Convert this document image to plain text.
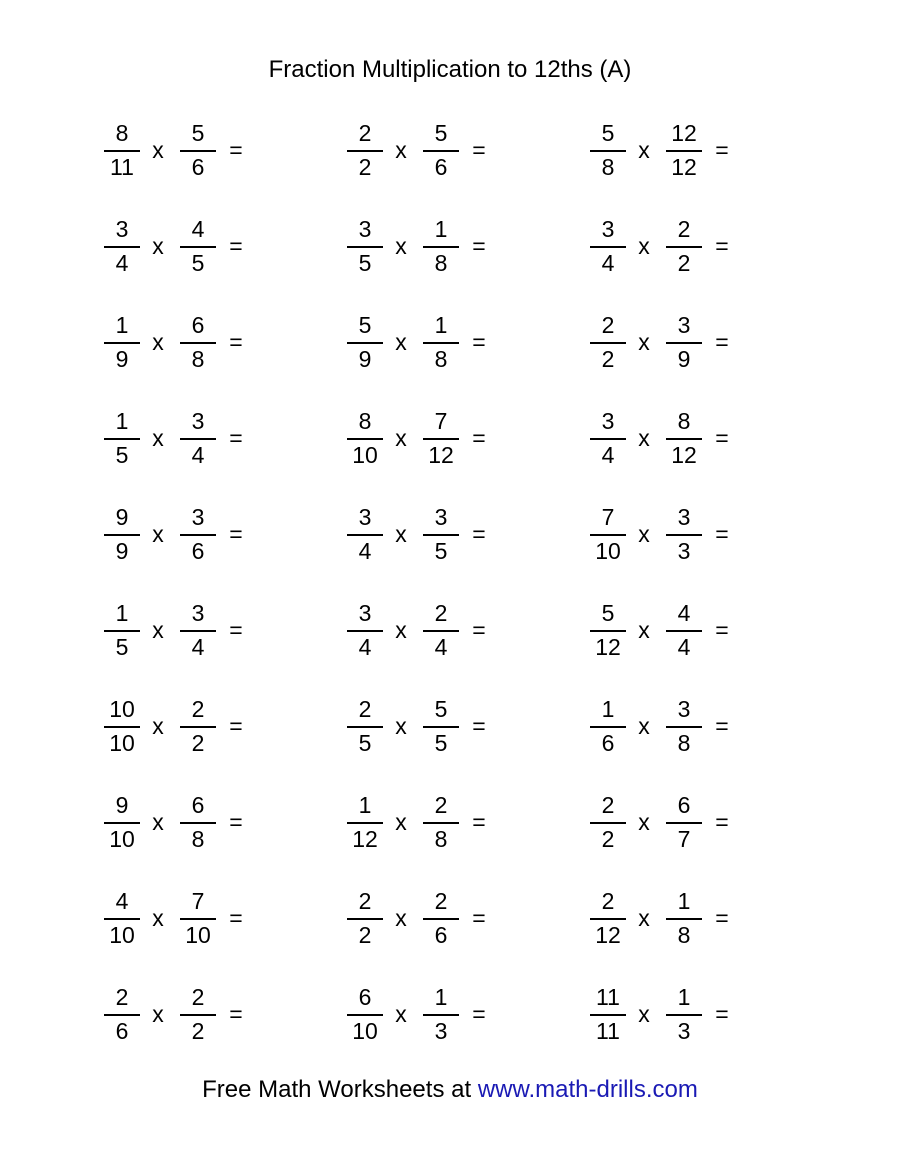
Fraction Multiplication to 12ths (A)
8
11
x
5
6
=
2
2
x
5
6
=
5
8
x
12
12
=
3
4
x
4
5
=
3
5
x
1
8
=
3
4
x
2
2
=
1
9
x
6
8
=
5
9
x
1
8
=
2
2
x
3
9
=
1
5
x
3
4
=
8
10
x
7
12
=
3
4
x
8
12
=
9
9
x
3
6
=
3
4
x
3
5
=
7
10
x
3
3
=
1
5
x
3
4
=
3
4
x
2
4
=
5
12
x
4
4
=
10
10
x
2
2
=
2
5
x
5
5
=
1
6
x
3
8
=
9
10
x
6
8
=
1
12
x
2
8
=
2
2
x
6
7
=
4
10
x
7
10
=
2
2
x
2
6
=
2
12
x
1
8
=
2
6
x
2
2
=
6
10
x
1
3
=
11
11
x
1
3
=
Free Math Worksheets at www.math-drills.com
